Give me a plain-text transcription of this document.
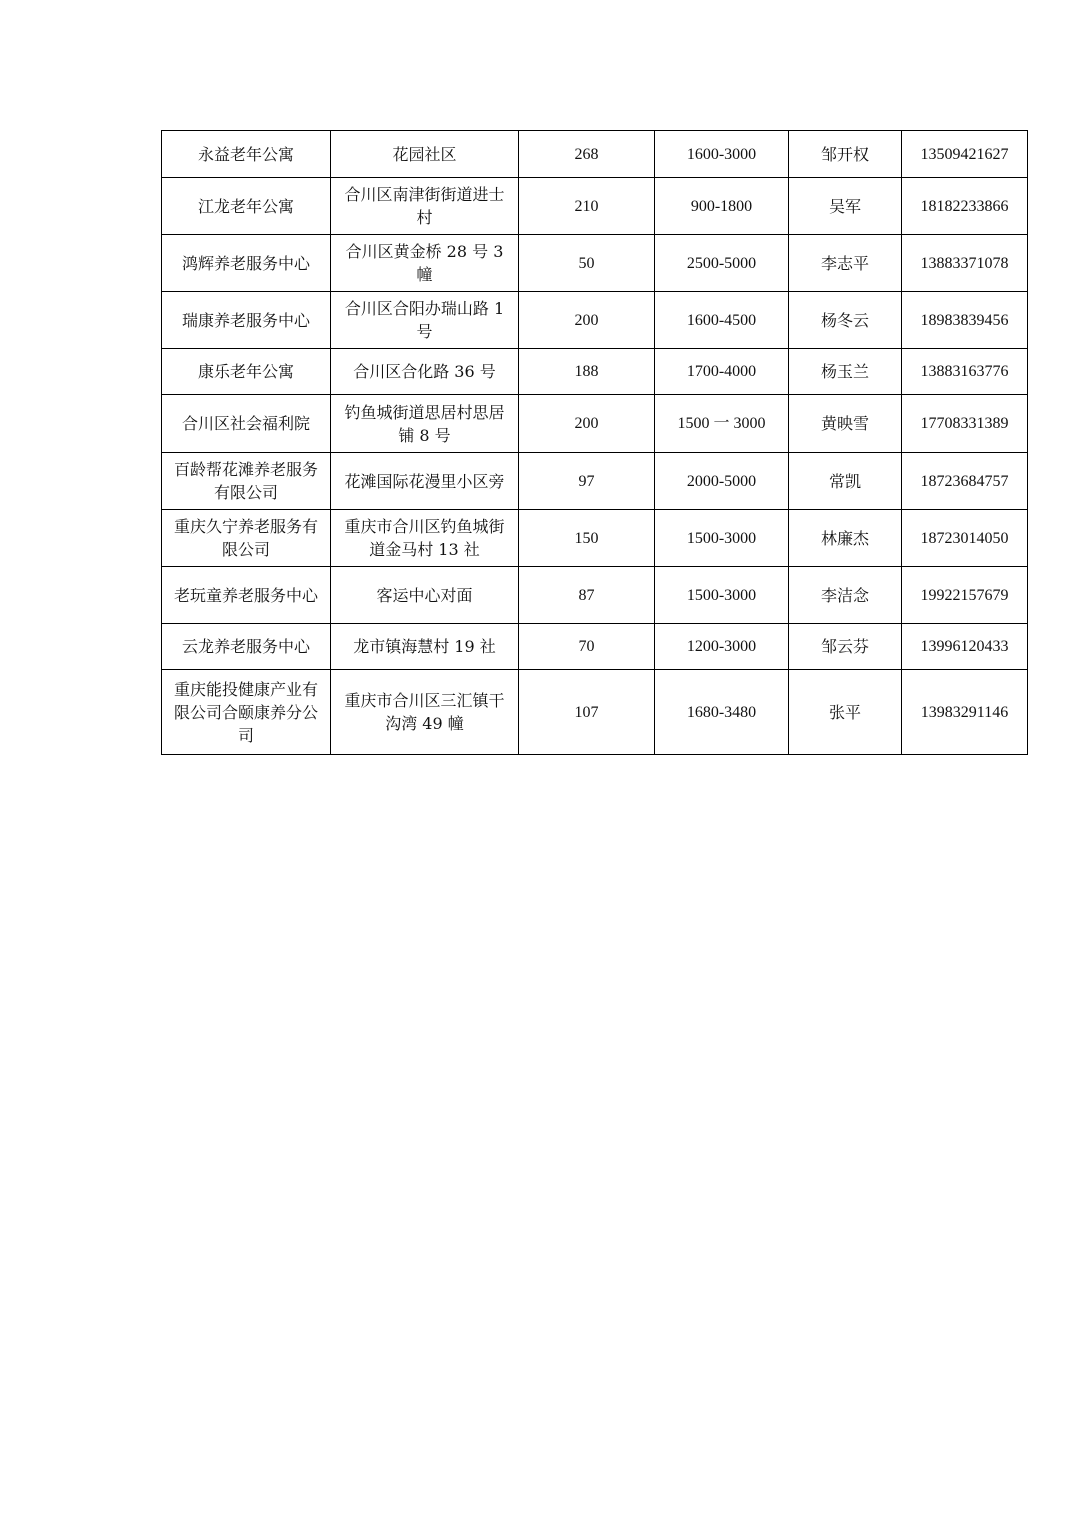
永益老年公寓	花园社区	268	1600-3000	邹开权	13509421627
江龙老年公寓	合川区南津街街道进士村	210	900-1800	吴军	18182233866
鸿辉养老服务中心	合川区黄金桥 28 号 3 幢	50	2500-5000	李志平	13883371078
瑞康养老服务中心	合川区合阳办瑞山路 1 号	200	1600-4500	杨冬云	18983839456
康乐老年公寓	合川区合化路 36 号	188	1700-4000	杨玉兰	13883163776
合川区社会福利院	钓鱼城街道思居村思居铺 8 号	200	1500 一 3000	黄映雪	17708331389
百龄帮花滩养老服务有限公司	花滩国际花漫里小区旁	97	2000-5000	常凯	18723684757
重庆久宁养老服务有限公司	重庆市合川区钓鱼城街道金马村 13 社	150	1500-3000	林廉杰	18723014050
老玩童养老服务中心	客运中心对面	87	1500-3000	李洁念	19922157679
云龙养老服务中心	龙市镇海慧村 19 社	70	1200-3000	邹云芬	13996120433
重庆能投健康产业有限公司合颐康养分公司	重庆市合川区三汇镇干沟湾 49 幢	107	1680-3480	张平	13983291146
